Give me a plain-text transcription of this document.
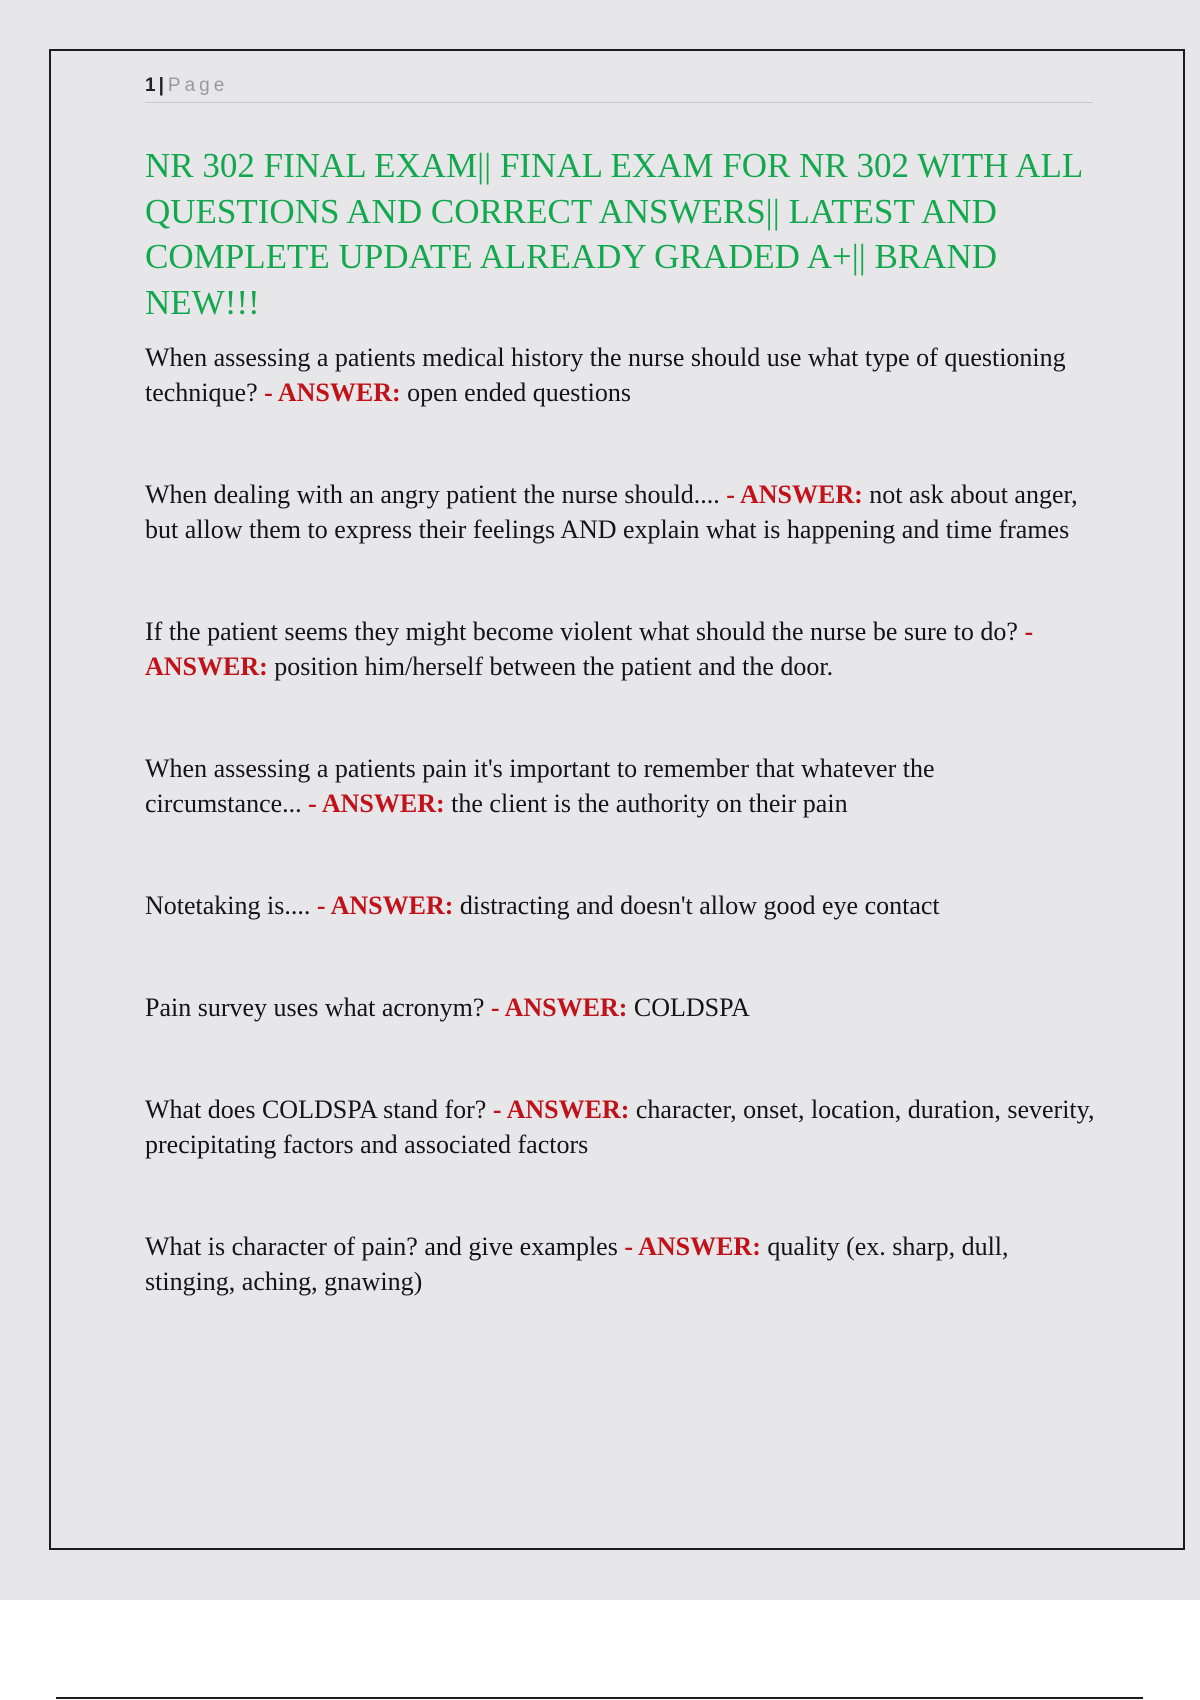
1 | Page
NR 302 FINAL EXAM|| FINAL EXAM FOR NR 302 WITH ALL QUESTIONS AND CORRECT ANSWERS|| LATEST AND COMPLETE UPDATE ALREADY GRADED A+|| BRAND NEW!!!

When assessing a patients medical history the nurse should use what type of questioning technique? - ANSWER: open ended questions

When dealing with an angry patient the nurse should.... - ANSWER: not ask about anger, but allow them to express their feelings AND explain what is happening and time frames

If the patient seems they might become violent what should the nurse be sure to do? - ANSWER: position him/herself between the patient and the door.

When assessing a patients pain it's important to remember that whatever the circumstance... - ANSWER: the client is the authority on their pain

Notetaking is.... - ANSWER: distracting and doesn't allow good eye contact

Pain survey uses what acronym? - ANSWER: COLDSPA

What does COLDSPA stand for? - ANSWER: character, onset, location, duration, severity, precipitating factors and associated factors

What is character of pain? and give examples - ANSWER: quality (ex. sharp, dull, stinging, aching, gnawing)
